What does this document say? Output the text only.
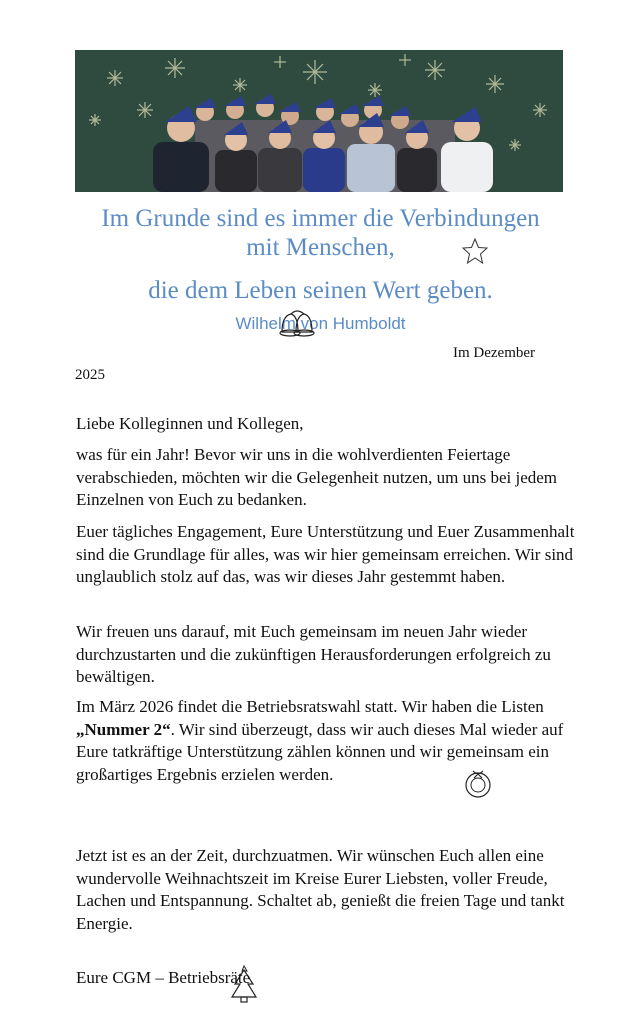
Im Grunde sind es immer die Verbindungen
mit Menschen,
die dem Leben seinen Wert geben.
Wilhelm von Humboldt
Im Dezember
2025
Liebe Kolleginnen und Kollegen,
was für ein Jahr! Bevor wir uns in die wohlverdienten Feiertage verabschieden, möchten wir die Gelegenheit nutzen, um uns bei jedem Einzelnen von Euch zu bedanken.
Euer tägliches Engagement, Eure Unterstützung und Euer Zusammenhalt sind die Grundlage für alles, was wir hier gemeinsam erreichen. Wir sind unglaublich stolz auf das, was wir dieses Jahr gestemmt haben.
Wir freuen uns darauf, mit Euch gemeinsam im neuen Jahr wieder durchzustarten und die zukünftigen Herausforderungen erfolgreich zu bewältigen.
Im März 2026 findet die Betriebsratswahl statt. Wir haben die Listen „Nummer 2“. Wir sind überzeugt, dass wir auch dieses Mal wieder auf Eure tatkräftige Unterstützung zählen können und wir gemeinsam ein großartiges Ergebnis erzielen werden.
Jetzt ist es an der Zeit, durchzuatmen. Wir wünschen Euch allen eine wundervolle Weihnachtszeit im Kreise Eurer Liebsten, voller Freude, Lachen und Entspannung. Schaltet ab, genießt die freien Tage und tankt Energie.
Eure CGM – Betriebsräte
